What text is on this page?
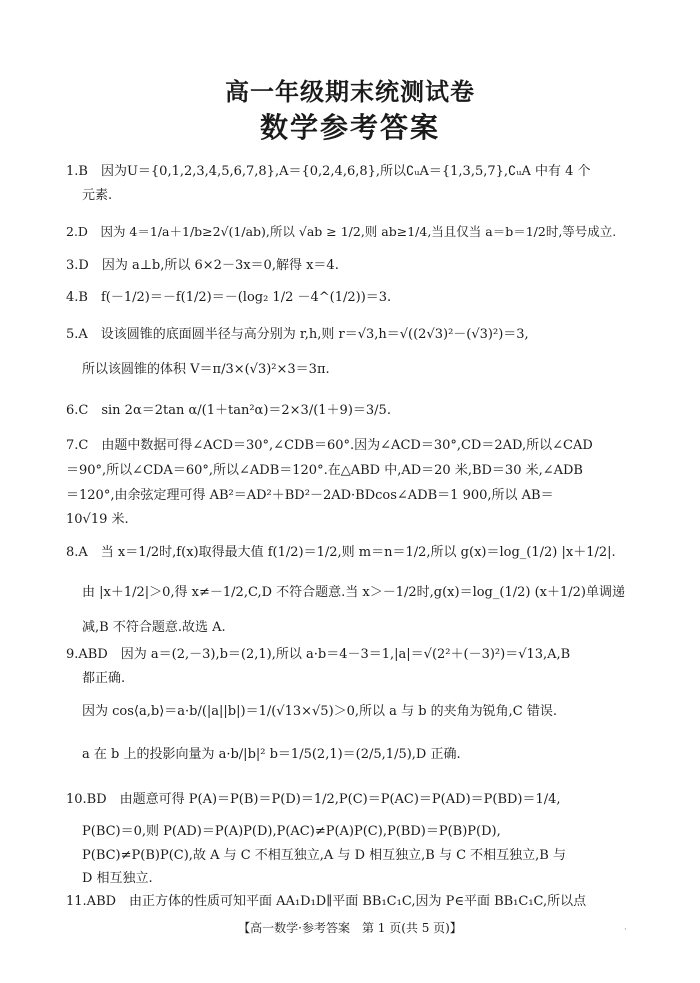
高一年级期末统测试卷
数学参考答案
1.B　因为U＝{0,1,2,3,4,5,6,7,8},A＝{0,2,4,6,8},所以∁ᵤA＝{1,3,5,7},∁ᵤA 中有 4 个
元素.
2.D　因为 4＝1/a＋1/b≥2√(1/ab),所以 √ab ≥ 1/2,则 ab≥1/4,当且仅当 a＝b＝1/2时,等号成立.
3.D　因为 a⊥b,所以 6×2－3x＝0,解得 x＝4.
4.B　f(－1/2)＝－f(1/2)＝－(log₂ 1/2 －4^(1/2))＝3.
5.A　设该圆锥的底面圆半径与高分别为 r,h,则 r＝√3,h＝√((2√3)²－(√3)²)＝3,
所以该圆锥的体积 V＝π/3×(√3)²×3＝3π.
6.C　sin 2α＝2tan α/(1＋tan²α)＝2×3/(1＋9)＝3/5.
7.C　由题中数据可得∠ACD＝30°,∠CDB＝60°.因为∠ACD＝30°,CD＝2AD,所以∠CAD
＝90°,所以∠CDA＝60°,所以∠ADB＝120°.在△ABD 中,AD＝20 米,BD＝30 米,∠ADB
＝120°,由余弦定理可得 AB²＝AD²＋BD²－2AD·BDcos∠ADB＝1 900,所以 AB＝
10√19 米.
8.A　当 x＝1/2时,f(x)取得最大值 f(1/2)＝1/2,则 m＝n＝1/2,所以 g(x)＝log_(1/2) |x＋1/2|.
由 |x＋1/2|＞0,得 x≠－1/2,C,D 不符合题意.当 x＞－1/2时,g(x)＝log_(1/2) (x＋1/2)单调递
减,B 不符合题意.故选 A.
9.ABD　因为 a＝(2,－3),b＝(2,1),所以 a·b＝4－3＝1,|a|＝√(2²＋(－3)²)＝√13,A,B
都正确.
因为 cos⟨a,b⟩＝a·b/(|a||b|)＝1/(√13×√5)＞0,所以 a 与 b 的夹角为锐角,C 错误.
a 在 b 上的投影向量为 a·b/|b|² b＝1/5(2,1)＝(2/5,1/5),D 正确.
10.BD　由题意可得 P(A)＝P(B)＝P(D)＝1/2,P(C)＝P(AC)＝P(AD)＝P(BD)＝1/4,
P(BC)＝0,则 P(AD)＝P(A)P(D),P(AC)≠P(A)P(C),P(BD)＝P(B)P(D),
P(BC)≠P(B)P(C),故 A 与 C 不相互独立,A 与 D 相互独立,B 与 C 不相互独立,B 与
D 相互独立.
11.ABD　由正方体的性质可知平面 AA₁D₁D∥平面 BB₁C₁C,因为 P∈平面 BB₁C₁C,所以点
【高一数学·参考答案　第 1 页(共 5 页)】	·
